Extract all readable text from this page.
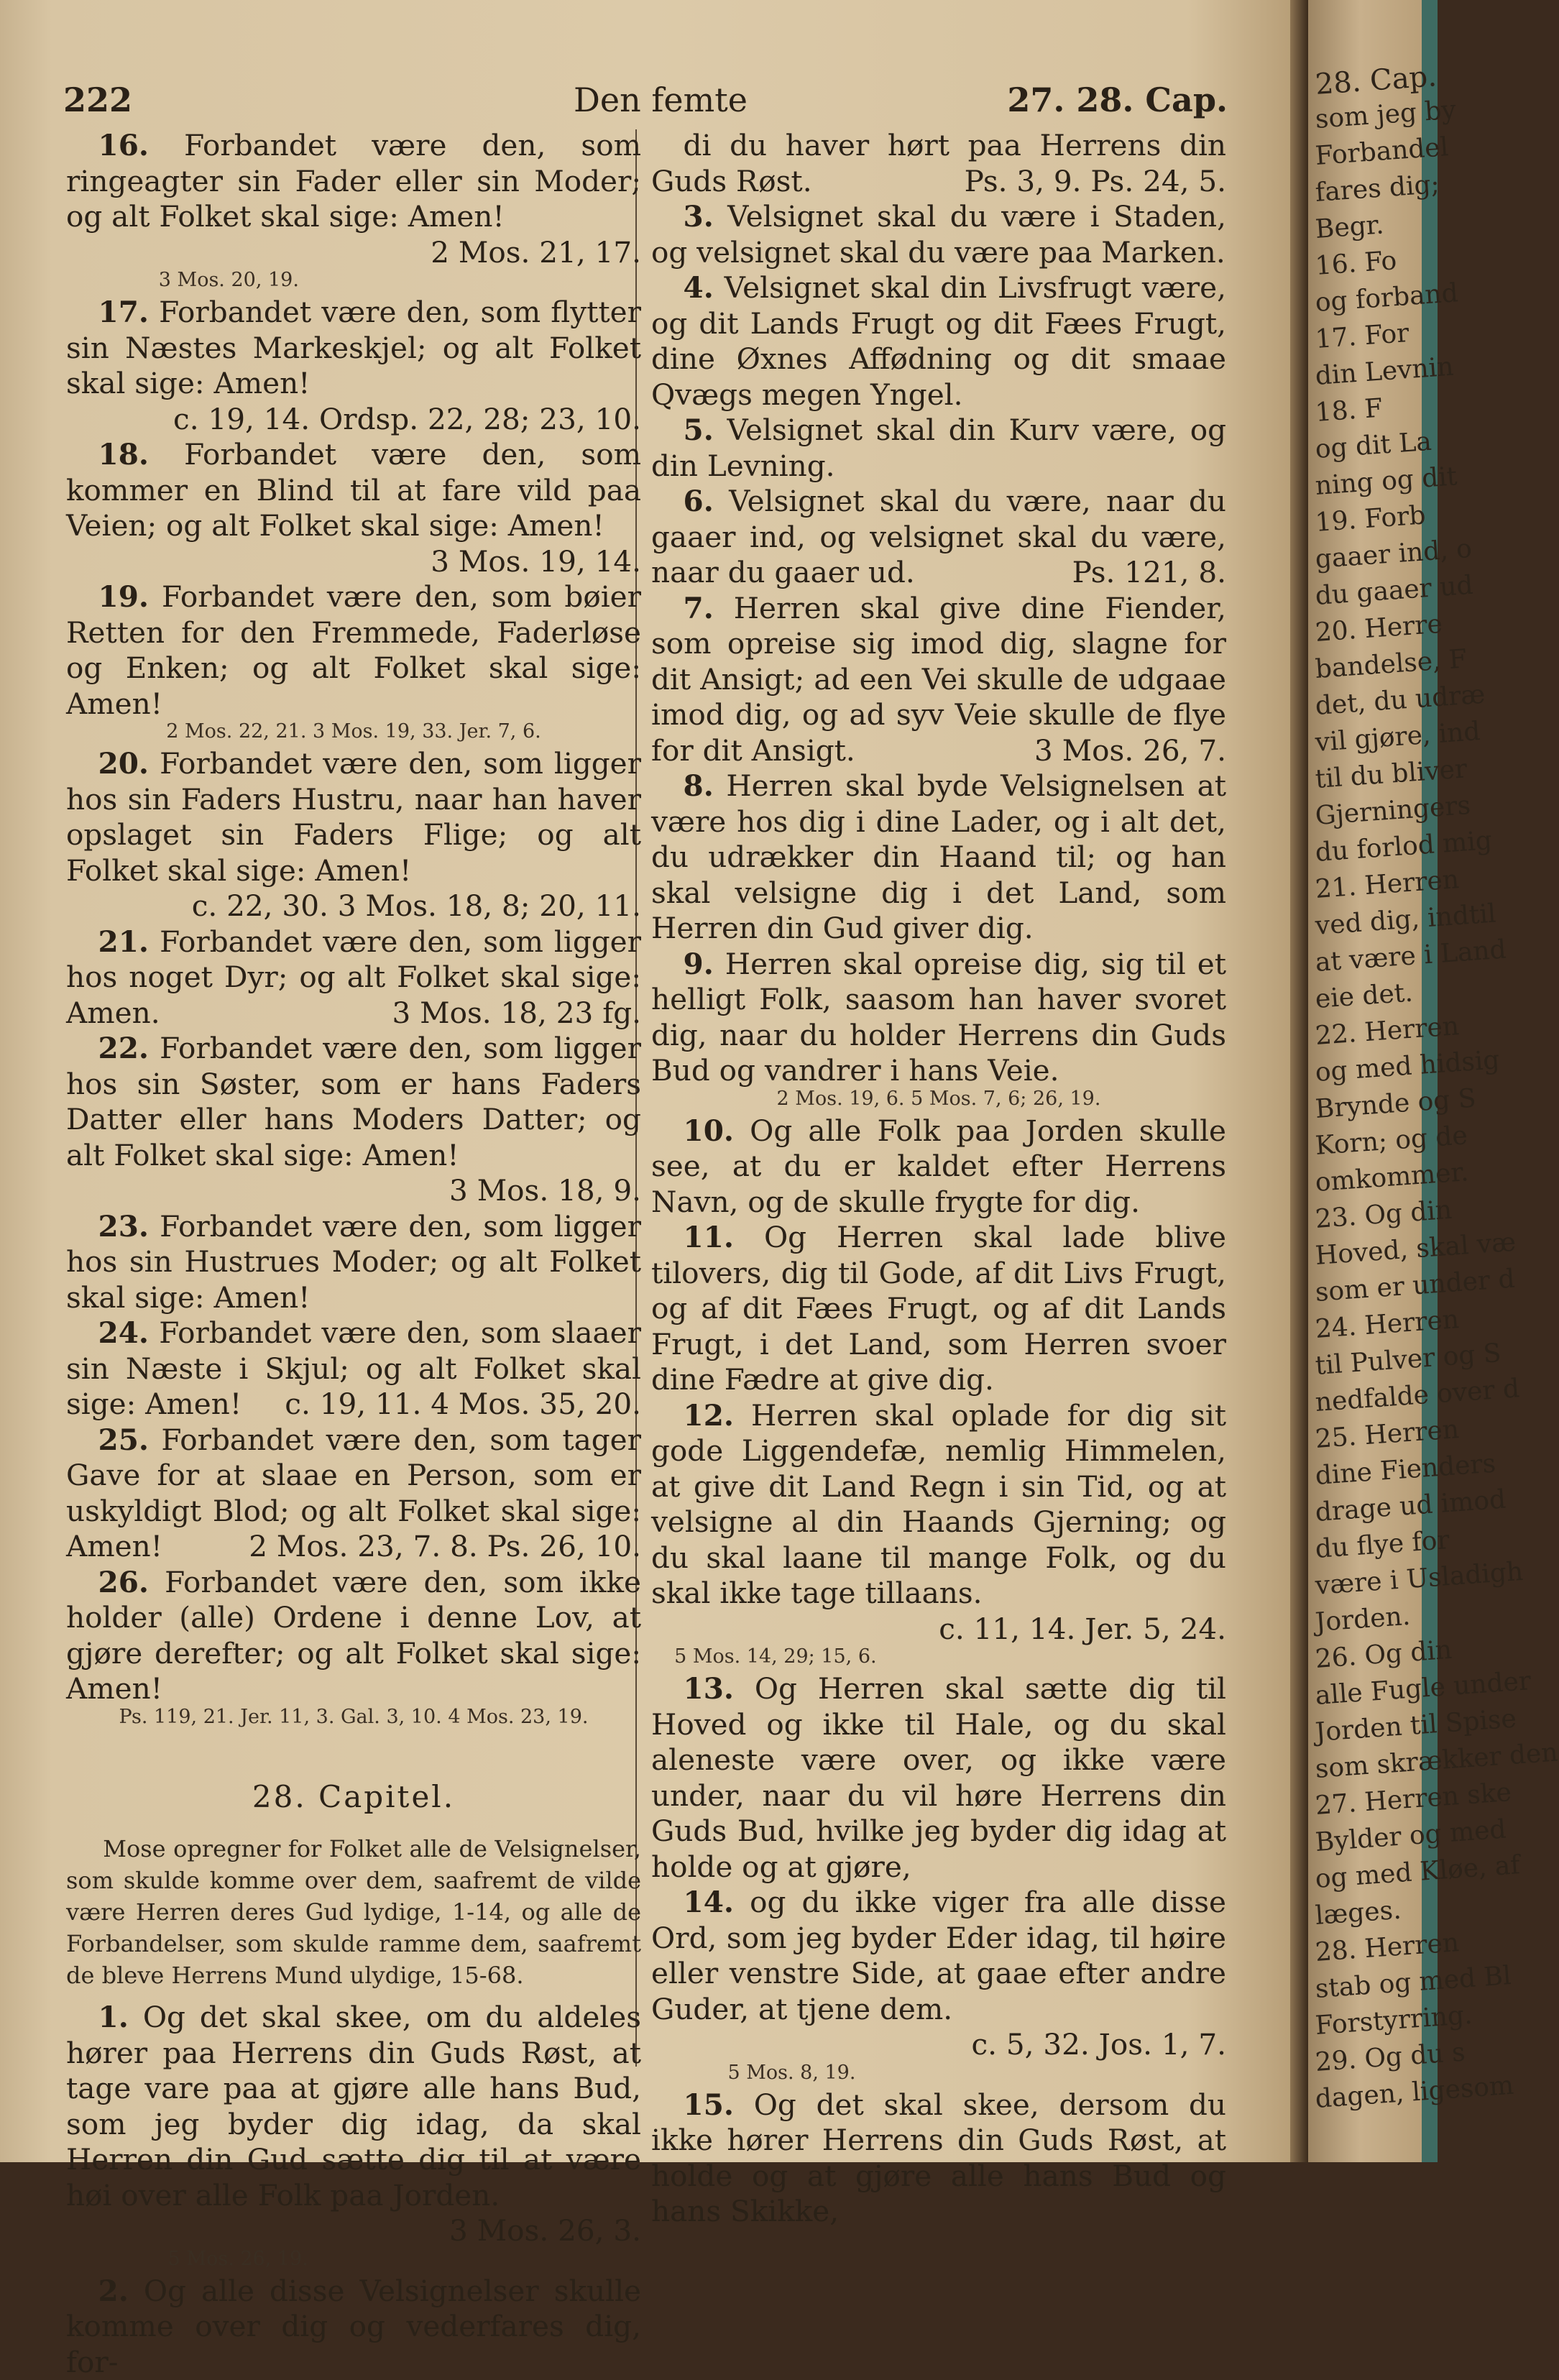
222	Den femte	27. 28. Cap.

16. Forbandet være den, som ringeagter sin Fader eller sin Moder; og alt Folket skal sige: Amen!
2 Mos. 21, 17.

3 Mos. 20, 19.

17. Forbandet være den, som flytter sin Næstes Markeskjel; og alt Folket skal sige: Amen!
c. 19, 14. Ordsp. 22, 28; 23, 10.

18. Forbandet være den, som kommer en Blind til at fare vild paa Veien; og alt Folket skal sige: Amen!
3 Mos. 19, 14.

19. Forbandet være den, som bøier Retten for den Fremmede, Faderløse og Enken; og alt Folket skal sige: Amen!

2 Mos. 22, 21. 3 Mos. 19, 33. Jer. 7, 6.

20. Forbandet være den, som ligger hos sin Faders Hustru, naar han haver opslaget sin Faders Flige; og alt Folket skal sige: Amen!
c. 22, 30. 3 Mos. 18, 8; 20, 11.

21. Forbandet være den, som ligger hos noget Dyr; og alt Folket skal sige: Amen.	3 Mos. 18, 23 fg.

22. Forbandet være den, som ligger hos sin Søster, som er hans Faders Datter eller hans Moders Datter; og alt Folket skal sige: Amen!
3 Mos. 18, 9.

23. Forbandet være den, som ligger hos sin Hustrues Moder; og alt Folket skal sige: Amen!

24. Forbandet være den, som slaaer sin Næste i Skjul; og alt Folket skal sige: Amen!	c. 19, 11. 4 Mos. 35, 20.

25. Forbandet være den, som tager Gave for at slaae en Person, som er uskyldigt Blod; og alt Folket skal sige: Amen!	2 Mos. 23, 7. 8. Ps. 26, 10.

26. Forbandet være den, som ikke holder (alle) Ordene i denne Lov, at gjøre derefter; og alt Folket skal sige: Amen!

Ps. 119, 21. Jer. 11, 3. Gal. 3, 10. 4 Mos. 23, 19.
28. Capitel.

Mose opregner for Folket alle de Velsignelser, som skulde komme over dem, saafremt de vilde være Herren deres Gud lydige, 1-14, og alle de Forbandelser, som skulde ramme dem, saafremt de bleve Herrens Mund ulydige, 15-68.

1. Og det skal skee, om du aldeles hører paa Herrens din Guds Røst, at tage vare paa at gjøre alle hans Bud, som jeg byder dig idag, da skal Herren din Gud sætte dig til at være høi over alle Folk paa Jorden.
3 Mos. 26, 3.

5 Mos. 26, 19.

2. Og alle disse Velsignelser skulle komme over dig og vederfares dig, for-

di du haver hørt paa Herrens din Guds Røst.	Ps. 3, 9. Ps. 24, 5.

3. Velsignet skal du være i Staden, og velsignet skal du være paa Marken.

4. Velsignet skal din Livsfrugt være, og dit Lands Frugt og dit Fæes Frugt, dine Øxnes Affødning og dit smaae Qvægs megen Yngel.

5. Velsignet skal din Kurv være, og din Levning.

6. Velsignet skal du være, naar du gaaer ind, og velsignet skal du være, naar du gaaer ud.	Ps. 121, 8.

7. Herren skal give dine Fiender, som opreise sig imod dig, slagne for dit Ansigt; ad een Vei skulle de udgaae imod dig, og ad syv Veie skulle de flye for dit Ansigt.	3 Mos. 26, 7.

8. Herren skal byde Velsignelsen at være hos dig i dine Lader, og i alt det, du udrækker din Haand til; og han skal velsigne dig i det Land, som Herren din Gud giver dig.

9. Herren skal opreise dig, sig til et helligt Folk, saasom han haver svoret dig, naar du holder Herrens din Guds Bud og vandrer i hans Veie.

2 Mos. 19, 6. 5 Mos. 7, 6; 26, 19.

10. Og alle Folk paa Jorden skulle see, at du er kaldet efter Herrens Navn, og de skulle frygte for dig.

11. Og Herren skal lade blive tilovers, dig til Gode, af dit Livs Frugt, og af dit Fæes Frugt, og af dit Lands Frugt, i det Land, som Herren svoer dine Fædre at give dig.

12. Herren skal oplade for dig sit gode Liggendefæ, nemlig Himmelen, at give dit Land Regn i sin Tid, og at velsigne al din Haands Gjerning; og du skal laane til mange Folk, og du skal ikke tage tillaans.
c. 11, 14. Jer. 5, 24.

5 Mos. 14, 29; 15, 6.

13. Og Herren skal sætte dig til Hoved og ikke til Hale, og du skal aleneste være over, og ikke være under, naar du vil høre Herrens din Guds Bud, hvilke jeg byder dig idag at holde og at gjøre,

14. og du ikke viger fra alle disse Ord, som jeg byder Eder idag, til høire eller venstre Side, at gaae efter andre Guder, at tjene dem.
c. 5, 32. Jos. 1, 7.

5 Mos. 8, 19.

15. Og det skal skee, dersom du ikke hører Herrens din Guds Røst, at holde og at gjøre alle hans Bud og hans Skikke,

28. Cap.
som jeg by
Forbandel
fares dig;
Begr.
16. Fo
og forband
17. For
din Levnin
18. F
og dit La
ning og dit
19. Forb
gaaer ind, o
du gaaer ud
20. Herre
bandelse, F
det, du udræ
vil gjøre, ind
til du bliver
Gjerningers
du forlod mig
21. Herren
ved dig, indtil
at være i Land
eie det.
22. Herren
og med hidsig
Brynde og S
Korn; og de
omkommer.
23. Og din
Hoved, skal væ
som er under d
24. Herren
til Pulver og S
nedfalde over d
25. Herren
dine Fienders
drage ud imod
du flye for
være i Usladigh
Jorden.
26. Og din
alle Fugle under
Jorden til Spise
som skrækker den
27. Herren ske
Bylder og med
og med Kløe, af
læges.
28. Herren
stab og med Bl
Forstyrring.
29. Og du s
dagen, ligesom
